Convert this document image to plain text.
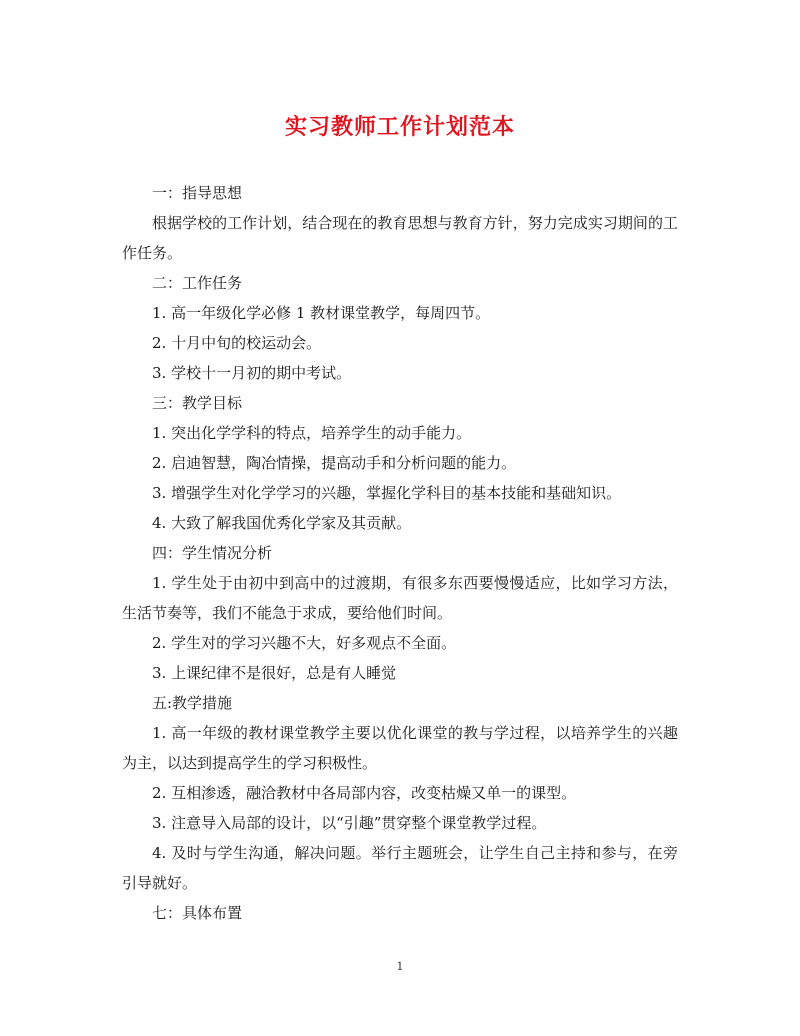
实习教师工作计划范本

一：指导思想

根据学校的工作计划，结合现在的教育思想与教育方针，努力完成实习期间的工作任务。

二：工作任务

1. 高一年级化学必修 1 教材课堂教学，每周四节。

2. 十月中旬的校运动会。

3. 学校十一月初的期中考试。

三：教学目标

1. 突出化学学科的特点，培养学生的动手能力。

2. 启迪智慧，陶冶情操，提高动手和分析问题的能力。

3. 增强学生对化学学习的兴趣，掌握化学科目的基本技能和基础知识。

4. 大致了解我国优秀化学家及其贡献。

四：学生情况分析

1. 学生处于由初中到高中的过渡期，有很多东西要慢慢适应，比如学习方法，生活节奏等，我们不能急于求成，要给他们时间。

2. 学生对的学习兴趣不大，好多观点不全面。

3. 上课纪律不是很好，总是有人睡觉

五:教学措施

1. 高一年级的教材课堂教学主要以优化课堂的教与学过程，以培养学生的兴趣为主，以达到提高学生的学习积极性。

2. 互相渗透，融洽教材中各局部内容，改变枯燥又单一的课型。

3. 注意导入局部的设计，以“引趣”贯穿整个课堂教学过程。

4. 及时与学生沟通，解决问题。举行主题班会，让学生自己主持和参与，在旁引导就好。

七：具体布置

1
